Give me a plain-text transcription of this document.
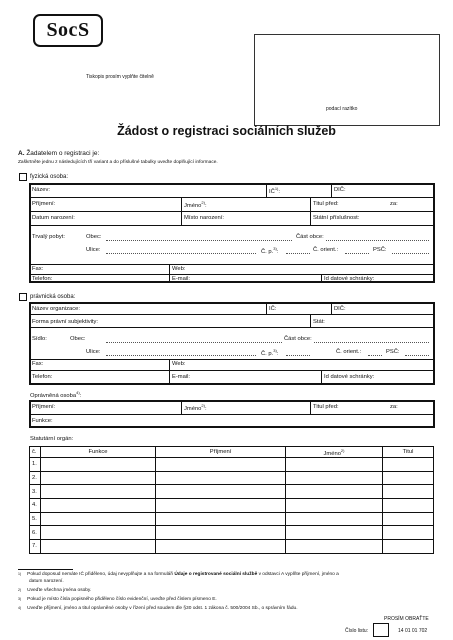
SocS
Tiskopis prosím vyplňte čitelně
podací razítko
Žádost o registraci sociálních služeb
A. Žadatelem o registraci je:
Zaškrtněte jednu z následujících tří variant a do příslušné tabulky uveďte doplňující informace.
fyzická osoba:
Název:	IČ$^{1)}$:	DIČ:
Příjmení:	Jméno$^{2)}$:	Titul před:	za:
Datum narození:	Místo narození:	Státní příslušnost:
Trvalý pobyt:	Obec:	Část obce:
Ulice:	Č. p.$^{3)}$:	Č. orient.:	PSČ:
Fax:	Web:
Telefon:	E-mail:	Id datové schránky:
právnická osoba:
Název organizace:	IČ:	DIČ:
Forma právní subjektivity:	Stát:
Sídlo:	Obec:	Část obce:
Ulice:	Č. p.$^{3)}$:	Č. orient.:	PSČ:
Fax:	Web:
Telefon:	E-mail:	Id datové schránky:
Oprávněná osoba$^{4)}$:
Příjmení:	Jméno$^{2)}$:	Titul před:	za:
Funkce:
Statutární orgán:
č.	Funkce	Příjmení	Jméno$^{2)}$	Titul
1.				
2.				
3.				
4.				
5.				
6.				
7.				
$^{1)}$ Pokud doposud nemáte IČ přiděleno, údaj nevyplňujte a na formuláři Údaje o registrované sociální službě v odstavci A vyplňte příjmení, jméno a
datum narození.
$^{2)}$ Uveďte všechna jména osoby.
$^{3)}$ Pokud je místo čísla popisného přiděleno číslo evidenční, uveďte před číslem písmeno E.
$^{4)}$ Uveďte příjmení, jméno a titul oprávněné osoby v řízení před soudem dle §30 odst. 1 zákona č. 500/2004 Sb., o správním řádu.
PROSÍM OBRAŤTE
Číslo listu:	14 01 01 702
